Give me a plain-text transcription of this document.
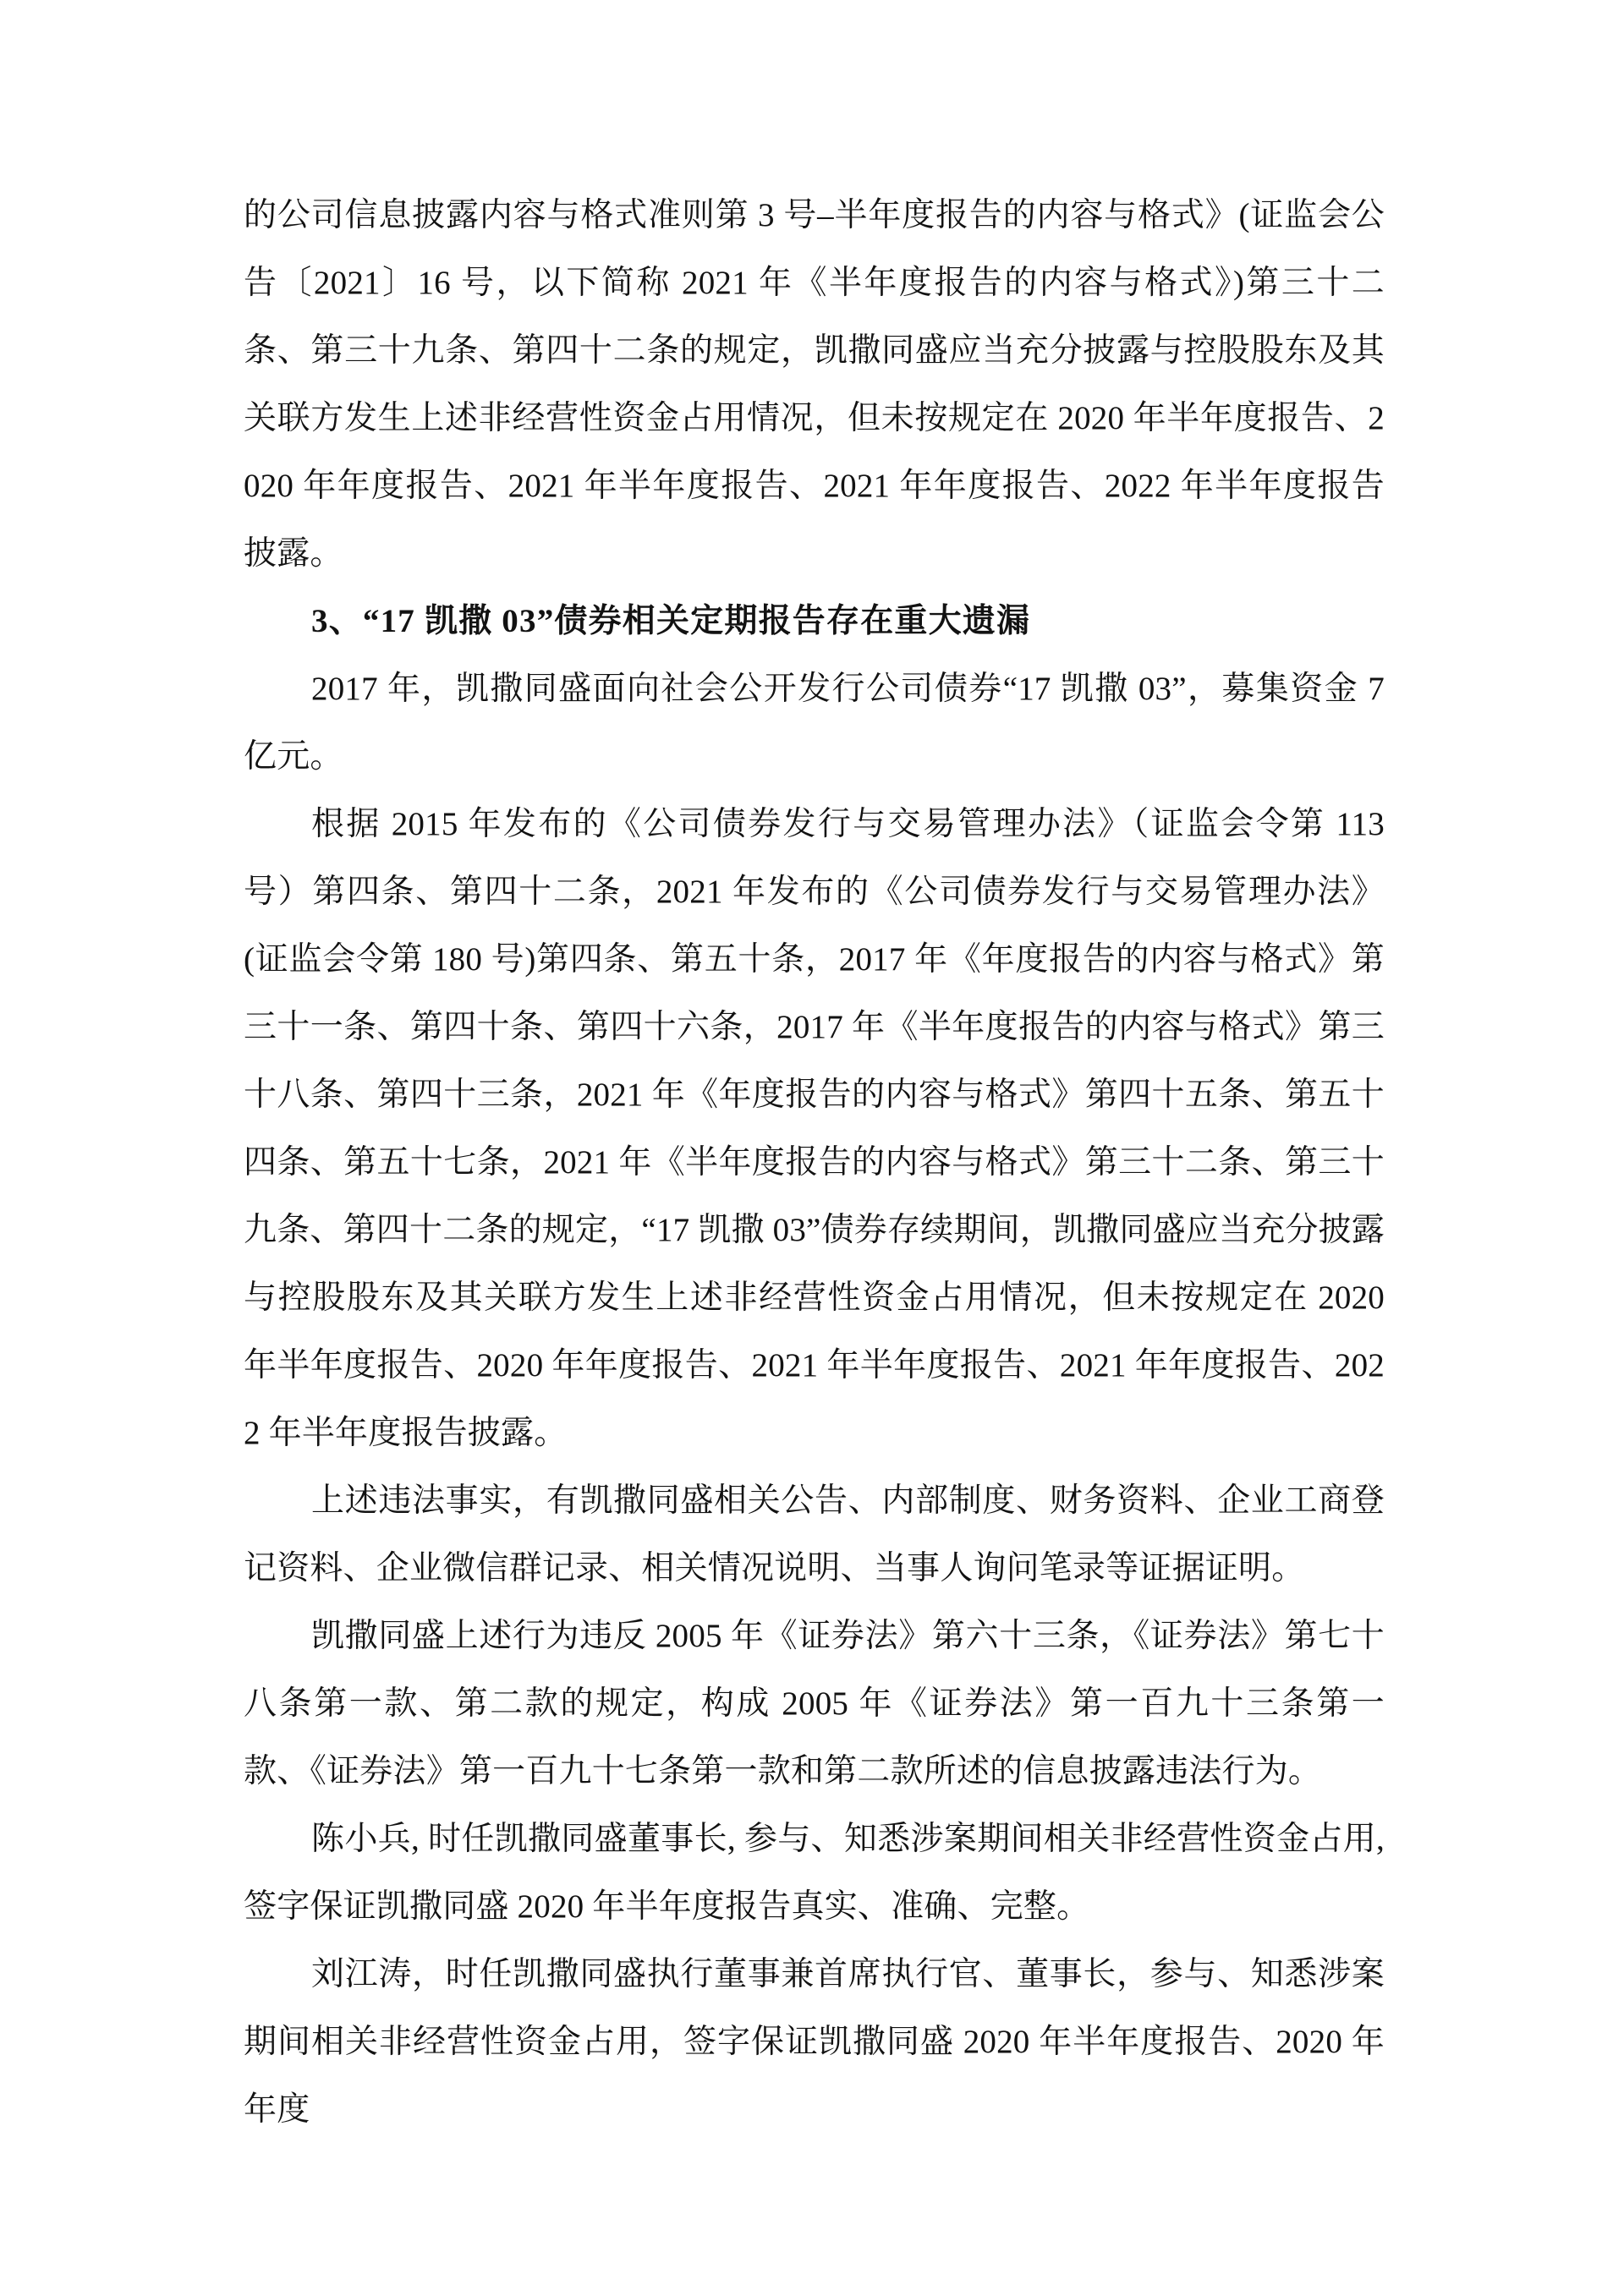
的公司信息披露内容与格式准则第 3 号–半年度报告的内容与格式》(证监会公告〔2021〕16 号，以下简称 2021 年《半年度报告的内容与格式》)第三十二条、第三十九条、第四十二条的规定，凯撒同盛应当充分披露与控股股东及其关联方发生上述非经营性资金占用情况，但未按规定在 2020 年半年度报告、2020 年年度报告、2021 年半年度报告、2021 年年度报告、2022 年半年度报告披露。

3、“17 凯撒 03”债券相关定期报告存在重大遗漏

2017 年，凯撒同盛面向社会公开发行公司债券“17 凯撒 03”，募集资金 7 亿元。

根据 2015 年发布的《公司债券发行与交易管理办法》（证监会令第 113 号）第四条、第四十二条，2021 年发布的《公司债券发行与交易管理办法》(证监会令第 180 号)第四条、第五十条，2017 年《年度报告的内容与格式》第三十一条、第四十条、第四十六条，2017 年《半年度报告的内容与格式》第三十八条、第四十三条，2021 年《年度报告的内容与格式》第四十五条、第五十四条、第五十七条，2021 年《半年度报告的内容与格式》第三十二条、第三十九条、第四十二条的规定，“17 凯撒 03”债券存续期间，凯撒同盛应当充分披露与控股股东及其关联方发生上述非经营性资金占用情况，但未按规定在 2020 年半年度报告、2020 年年度报告、2021 年半年度报告、2021 年年度报告、2022 年半年度报告披露。

上述违法事实，有凯撒同盛相关公告、内部制度、财务资料、企业工商登记资料、企业微信群记录、相关情况说明、当事人询问笔录等证据证明。

凯撒同盛上述行为违反 2005 年《证券法》第六十三条，《证券法》第七十八条第一款、第二款的规定，构成 2005 年《证券法》第一百九十三条第一款、《证券法》第一百九十七条第一款和第二款所述的信息披露违法行为。

陈小兵, 时任凯撒同盛董事长, 参与、知悉涉案期间相关非经营性资金占用, 签字保证凯撒同盛 2020 年半年度报告真实、准确、完整。

刘江涛，时任凯撒同盛执行董事兼首席执行官、董事长，参与、知悉涉案期间相关非经营性资金占用，签字保证凯撒同盛 2020 年半年度报告、2020 年年度
